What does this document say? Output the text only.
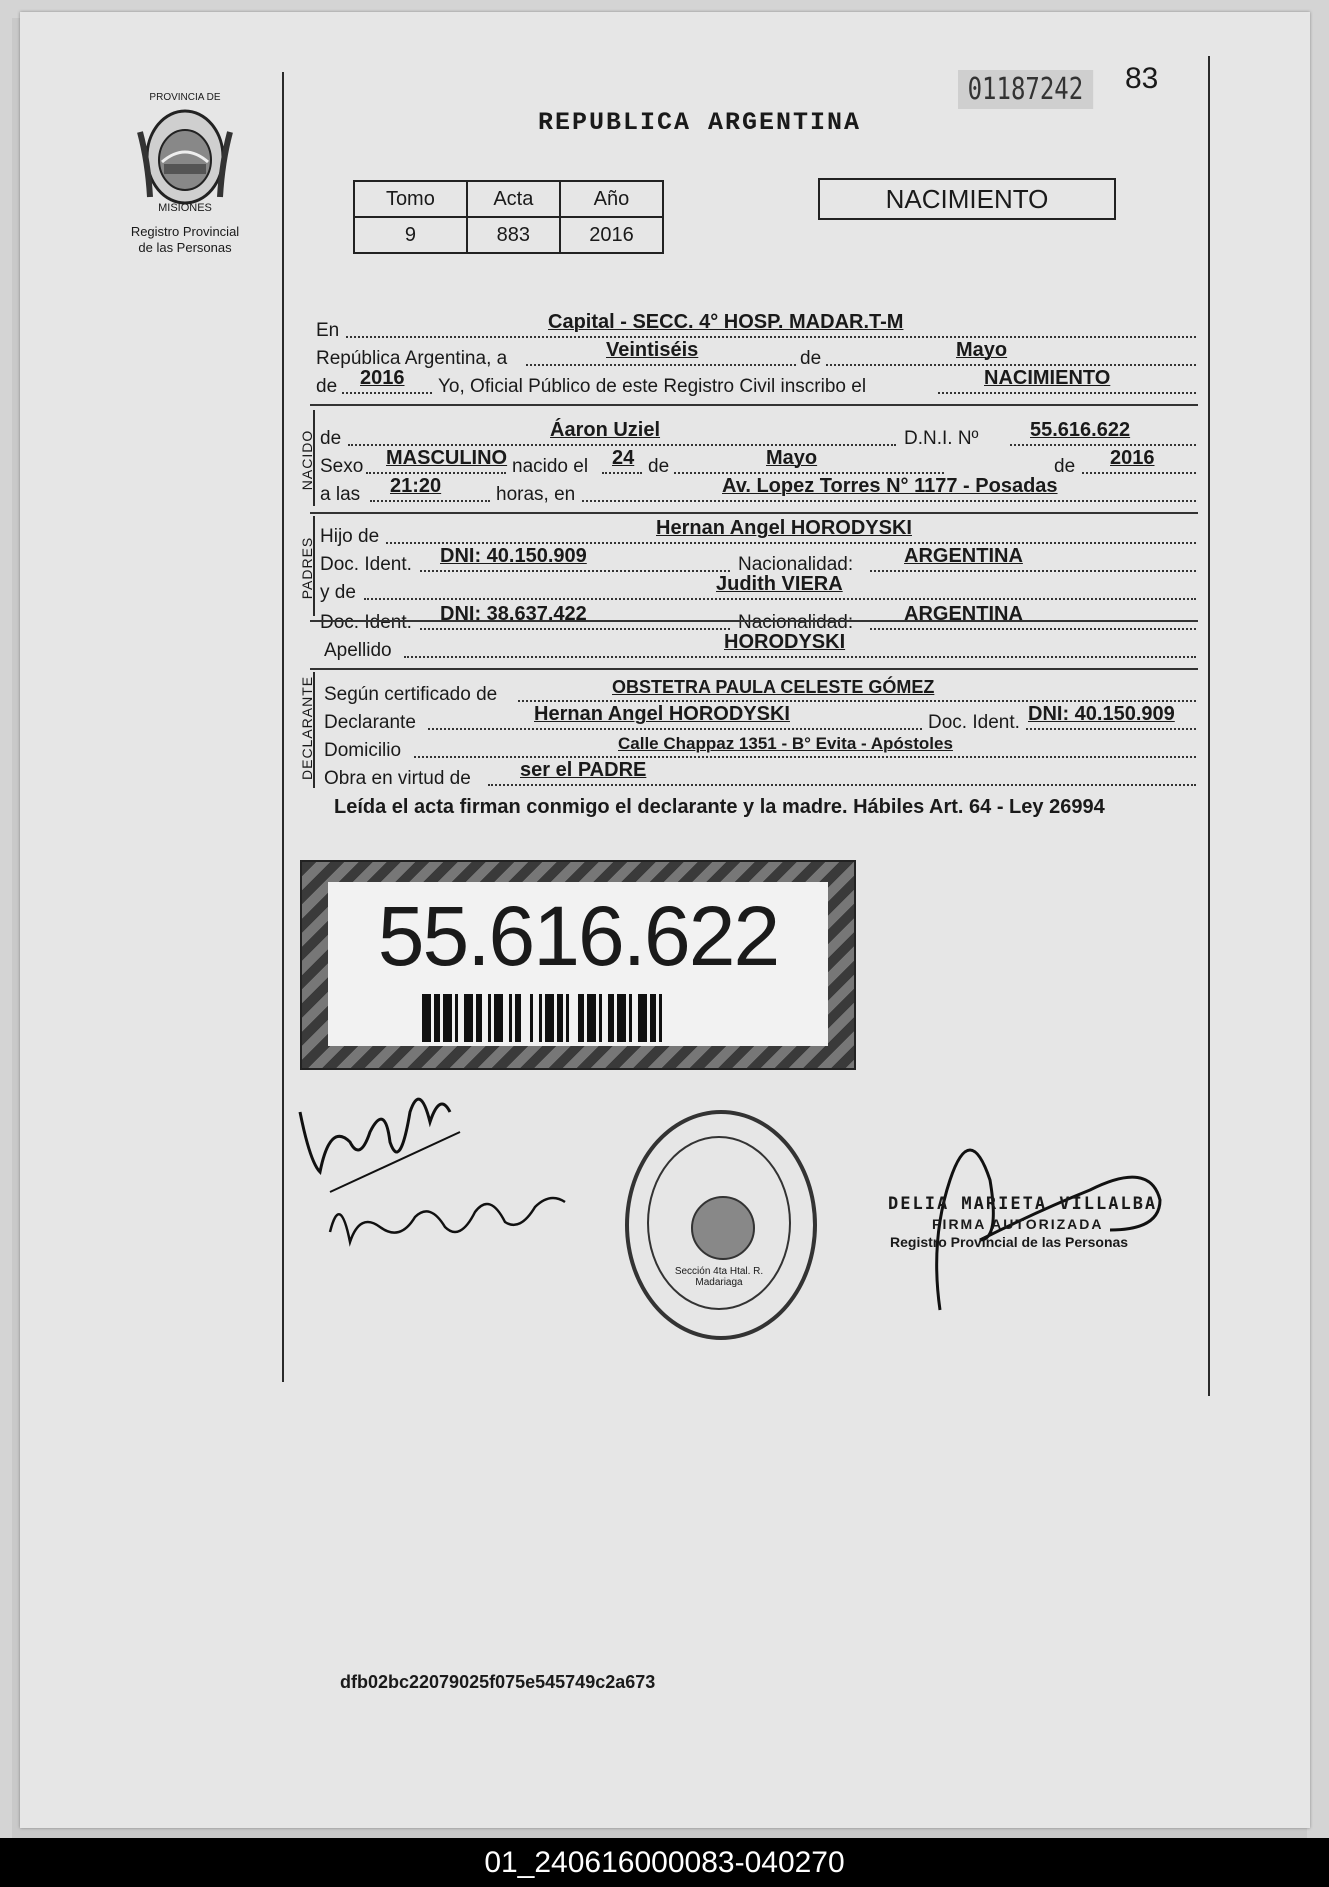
PROVINCIA DE
MISIONES
Registro Provincial
de las Personas
REPUBLICA ARGENTINA
01187242	83
Tomo	Acta	Año
9	883	2016
NACIMIENTO
En	Capital - SECC. 4° HOSP. MADAR.T-M
República Argentina, a	Veintiséis	de	Mayo
de 2016 Yo, Oficial Público de este Registro Civil inscribo el	NACIMIENTO
NACIDO de	Áaron Uziel	D.N.I. Nº	55.616.622
Sexo MASCULINO nacido el 24 de	Mayo	de 2016
a las 21:20	horas, en	Av. Lopez Torres N° 1177 - Posadas
PADRES
Hijo de	Hernan Angel HORODYSKI
Doc. Ident. DNI: 40.150.909	Nacionalidad:	ARGENTINA
y de	Judith VIERA
Doc. Ident. DNI: 38.637.422	Nacionalidad:	ARGENTINA
Apellido	HORODYSKI
DECLARANTE Según certificado de	OBSTETRA PAULA CELESTE GÓMEZ
Declarante	Hernan Angel HORODYSKI	Doc. Ident. DNI: 40.150.909
Domicilio	Calle Chappaz 1351 - B° Evita - Apóstoles
Obra en virtud de ser el PADRE
Leída el acta firman conmigo el declarante y la madre. Hábiles Art. 64 - Ley 26994
55.616.622
Sección 4ta Htal. R. Madariaga
DELIA MARIETA VILLALBA
FIRMA AUTORIZADA
Registro Provincial de las Personas
dfb02bc22079025f075e545749c2a673
01_240616000083-040270
